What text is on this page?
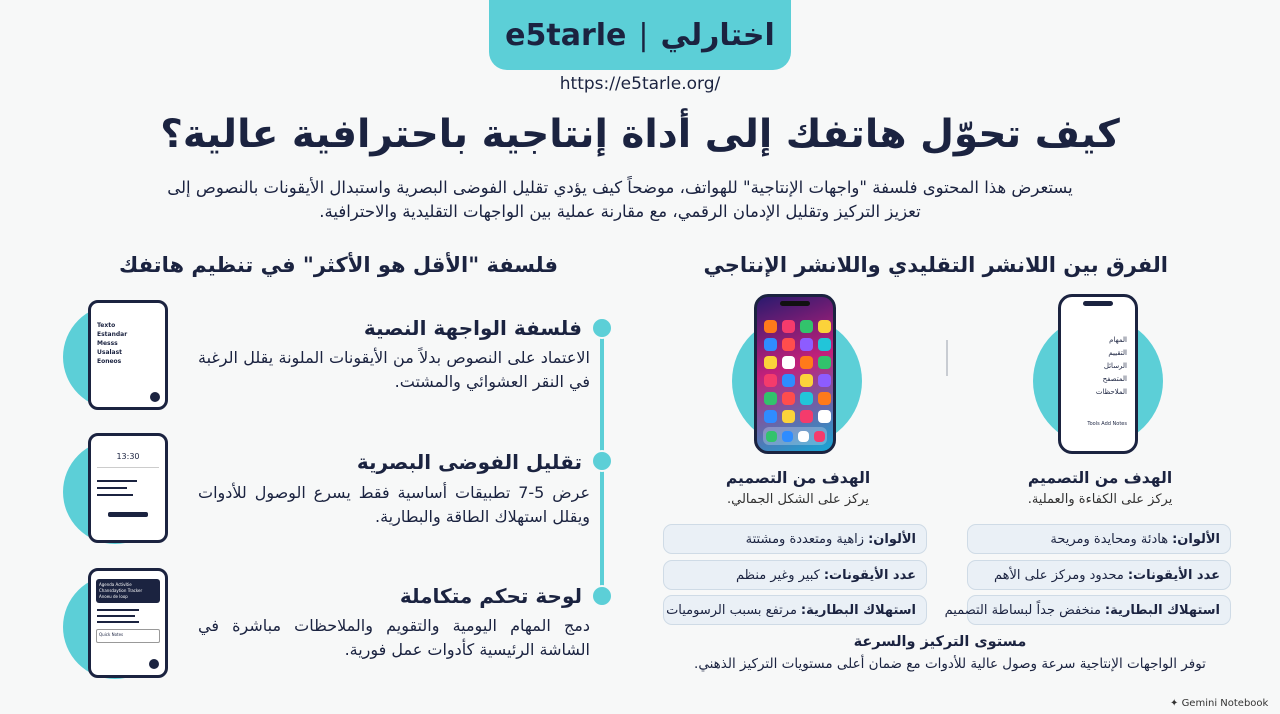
e5tarle | اختارلي
https://e5tarle.org/
كيف تحوّل هاتفك إلى أداة إنتاجية باحترافية عالية؟
يستعرض هذا المحتوى فلسفة "واجهات الإنتاجية" للهواتف، موضحاً كيف يؤدي تقليل الفوضى البصرية واستبدال الأيقونات بالنصوص إلى تعزيز التركيز وتقليل الإدمان الرقمي، مع مقارنة عملية بين الواجهات التقليدية والاحترافية.
الفرق بين اللانشر التقليدي واللانشر الإنتاجي
المهام
التقييم
الرسائل
المتصفح
الملاحظات
Tools Add Notes
الهدف من التصميم
يركز على الكفاءة والعملية.
الهدف من التصميم
يركز على الشكل الجمالي.
الألوان:
هادئة ومحايدة ومريحة
عدد الأيقونات:
محدود ومركز على الأهم
استهلاك البطارية:
منخفض جداً لبساطة التصميم
الألوان:
زاهية ومتعددة ومشتتة
عدد الأيقونات:
كبير وغير منظم
استهلاك البطارية:
مرتفع بسبب الرسوميات
مستوى التركيز والسرعة
توفر الواجهات الإنتاجية سرعة وصول عالية للأدوات مع ضمان أعلى مستويات التركيز الذهني.
فلسفة "الأقل هو الأكثر" في تنظيم هاتفك
فلسفة الواجهة النصية
الاعتماد على النصوص بدلاً من الأيقونات الملونة يقلل الرغبة في النقر العشوائي والمشتت.
تقليل الفوضى البصرية
عرض 5-7 تطبيقات أساسية فقط يسرع الوصول للأدوات ويقلل استهلاك الطاقة والبطارية.
لوحة تحكم متكاملة
دمج المهام اليومية والتقويم والملاحظات مباشرة في الشاشة الرئيسية كأدوات عمل فورية.
Texto
Estandar
Messs
Usalast
Eoneos
13:30
Agenda Activitie
Chansdaytion Tracker
Anoeu de loop
Quick Notes
✦ Gemini Notebook
